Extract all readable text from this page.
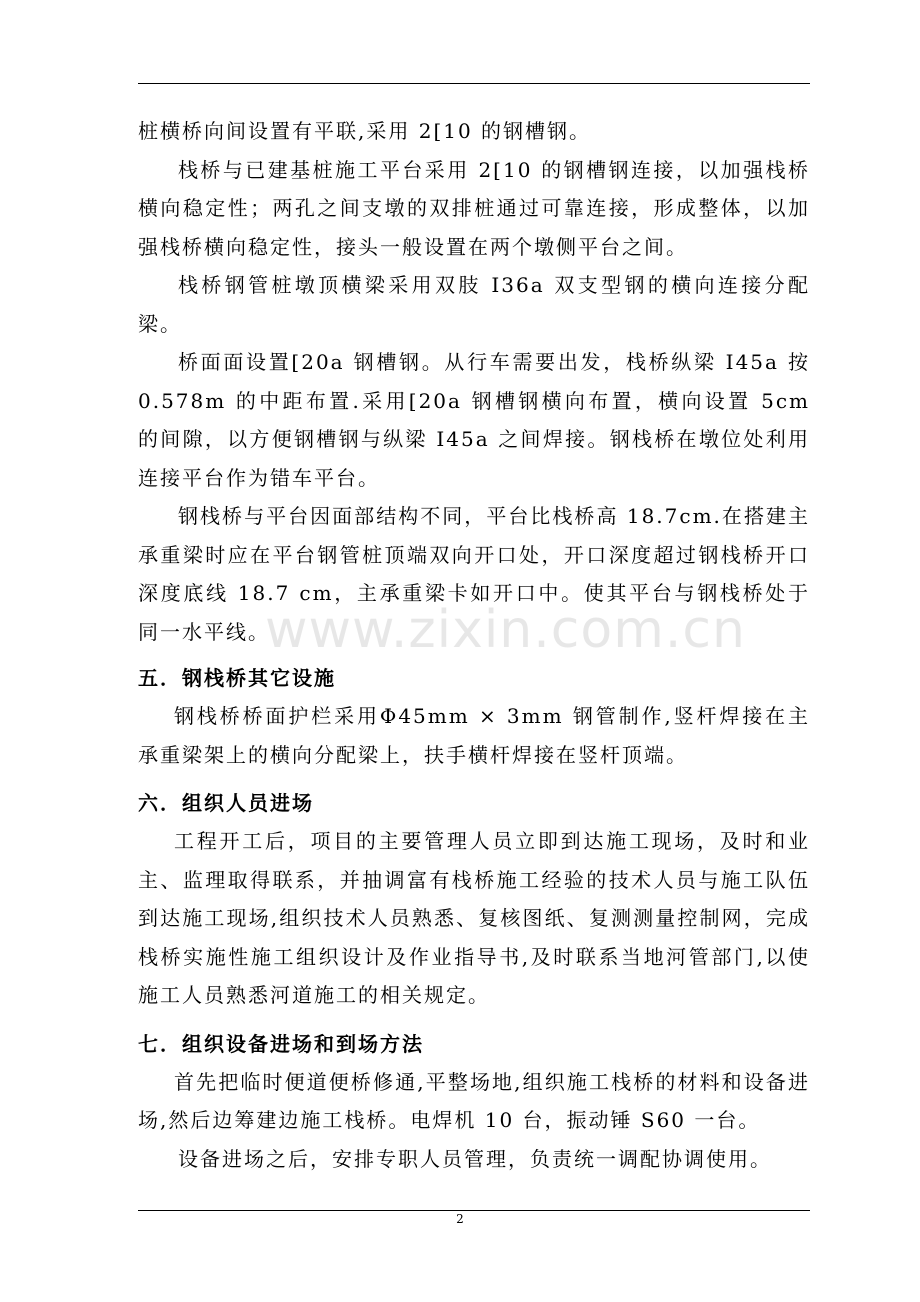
桩横桥向间设置有平联,采用 2[10 的钢槽钢。

栈桥与已建基桩施工平台采用 2[10 的钢槽钢连接，以加强栈桥横向稳定性；两孔之间支墩的双排桩通过可靠连接，形成整体，以加强栈桥横向稳定性，接头一般设置在两个墩侧平台之间。

栈桥钢管桩墩顶横梁采用双肢 I36a 双支型钢的横向连接分配梁。

桥面面设置[20a 钢槽钢。从行车需要出发，栈桥纵梁 I45a 按 0.578m 的中距布置.采用[20a 钢槽钢横向布置，横向设置 5cm 的间隙，以方便钢槽钢与纵梁 I45a 之间焊接。钢栈桥在墩位处利用连接平台作为错车平台。

钢栈桥与平台因面部结构不同，平台比栈桥高 18.7cm.在搭建主承重梁时应在平台钢管桩顶端双向开口处，开口深度超过钢栈桥开口深度底线 18.7 cm，主承重梁卡如开口中。使其平台与钢栈桥处于同一水平线。

五．钢栈桥其它设施

钢栈桥桥面护栏采用Φ45mm × 3mm 钢管制作,竖杆焊接在主承重梁架上的横向分配梁上，扶手横杆焊接在竖杆顶端。

六．组织人员进场

工程开工后，项目的主要管理人员立即到达施工现场，及时和业主、监理取得联系，并抽调富有栈桥施工经验的技术人员与施工队伍到达施工现场,组织技术人员熟悉、复核图纸、复测测量控制网，完成栈桥实施性施工组织设计及作业指导书,及时联系当地河管部门,以使施工人员熟悉河道施工的相关规定。

七．组织设备进场和到场方法

首先把临时便道便桥修通,平整场地,组织施工栈桥的材料和设备进场,然后边筹建边施工栈桥。电焊机 10 台，振动锤 S60 一台。

设备进场之后，安排专职人员管理，负责统一调配协调使用。

www.zixin.com.cn
2
